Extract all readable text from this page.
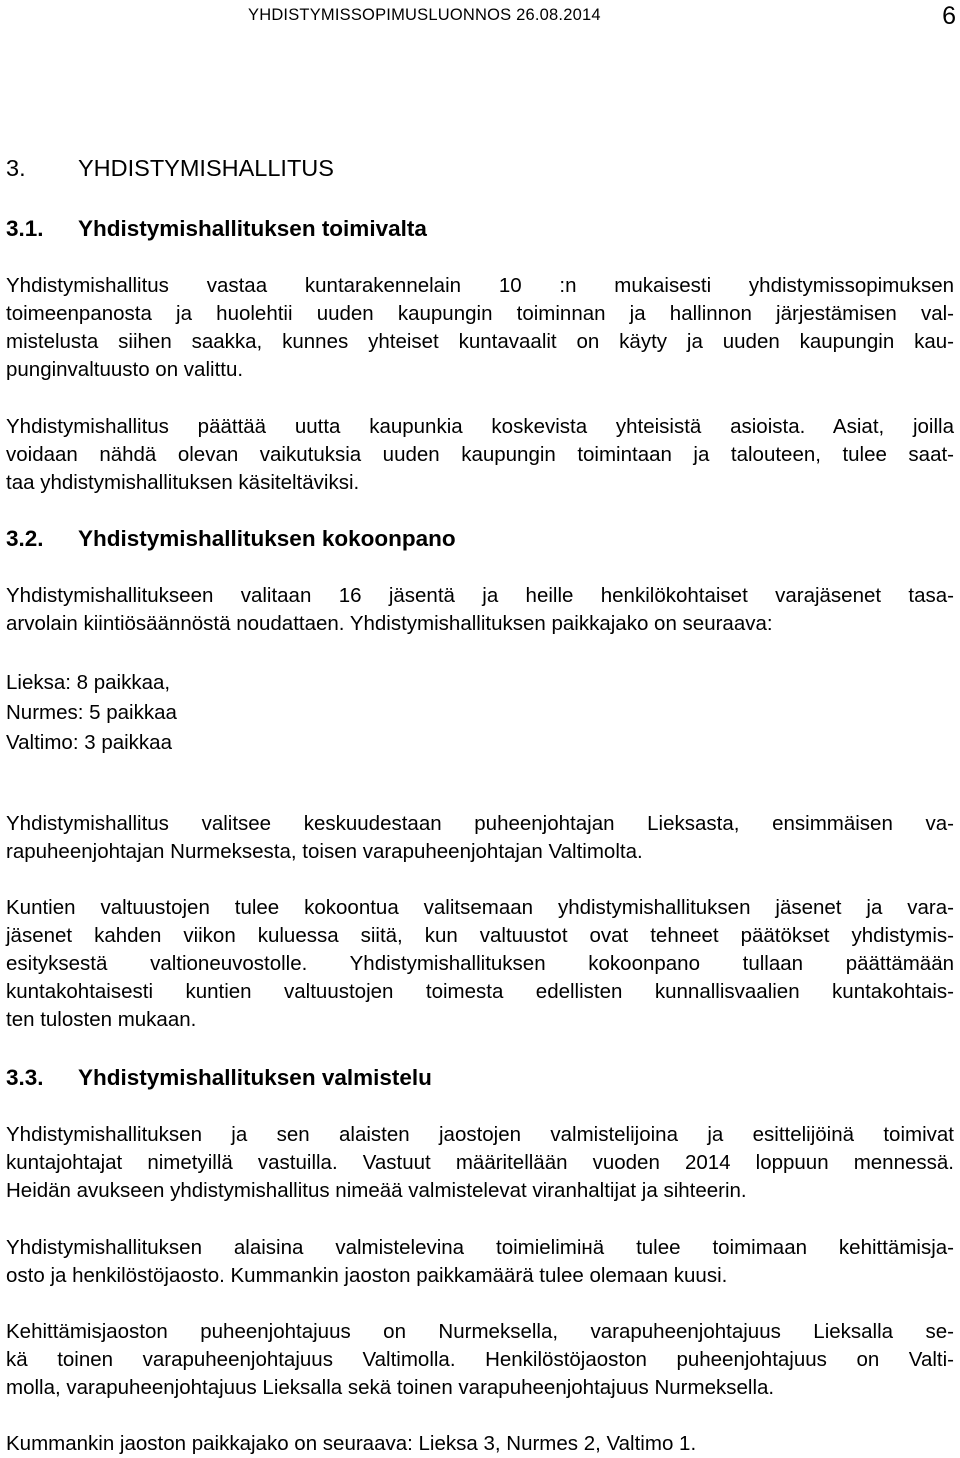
YHDISTYMISSOPIMUSLUONNOS 26.08.2014	6
3. YHDISTYMISHALLITUS
3.1. Yhdistymishallituksen toimivalta
Yhdistymishallitus vastaa kuntarakennelain 10 :n mukaisesti yhdistymissopimuksen
toimeenpanosta ja huolehtii uuden kaupungin toiminnan ja hallinnon järjestämisen val-
mistelusta siihen saakka, kunnes yhteiset kuntavaalit on käyty ja uuden kaupungin kau-
punginvaltuusto on valittu.
Yhdistymishallitus päättää uutta kaupunkia koskevista yhteisistä asioista. Asiat, joilla
voidaan nähdä olevan vaikutuksia uuden kaupungin toimintaan ja talouteen, tulee saat-
taa yhdistymishallituksen käsiteltäviksi.
3.2. Yhdistymishallituksen kokoonpano
Yhdistymishallitukseen valitaan 16 jäsentä ja heille henkilökohtaiset varajäsenet tasa-
arvolain kiintiösäännöstä noudattaen. Yhdistymishallituksen paikkajako on seuraava:
Lieksa: 8 paikkaa,
Nurmes: 5 paikkaa
Valtimo: 3 paikkaa
Yhdistymishallitus valitsee keskuudestaan puheenjohtajan Lieksasta, ensimmäisen va-
rapuheenjohtajan Nurmeksesta, toisen varapuheenjohtajan Valtimolta.
Kuntien valtuustojen tulee kokoontua valitsemaan yhdistymishallituksen jäsenet ja vara-
jäsenet kahden viikon kuluessa siitä, kun valtuustot ovat tehneet päätökset yhdistymis-
esityksestä valtioneuvostolle. Yhdistymishallituksen kokoonpano tullaan päättämään
kuntakohtaisesti kuntien valtuustojen toimesta edellisten kunnallisvaalien kuntakohtais-
ten tulosten mukaan.
3.3. Yhdistymishallituksen valmistelu
Yhdistymishallituksen ja sen alaisten jaostojen valmistelijoina ja esittelijöinä toimivat
kuntajohtajat nimetyillä vastuilla. Vastuut määritellään vuoden 2014 loppuun mennessä.
Heidän avukseen yhdistymishallitus nimeää valmistelevat viranhaltijat ja sihteerin.
Yhdistymishallituksen alaisina valmistelevina toimielimінä tulee toimimaan kehittämisja-
osto ja henkilöstöjaosto. Kummankin jaoston paikkamäärä tulee olemaan kuusi.
Kehittämisjaoston puheenjohtajuus on Nurmeksella, varapuheenjohtajuus Lieksalla se-
kä toinen varapuheenjohtajuus Valtimolla. Henkilöstöjaoston puheenjohtajuus on Valti-
molla, varapuheenjohtajuus Lieksalla sekä toinen varapuheenjohtajuus Nurmeksella.
Kummankin jaoston paikkajako on seuraava: Lieksa 3, Nurmes 2, Valtimo 1.
